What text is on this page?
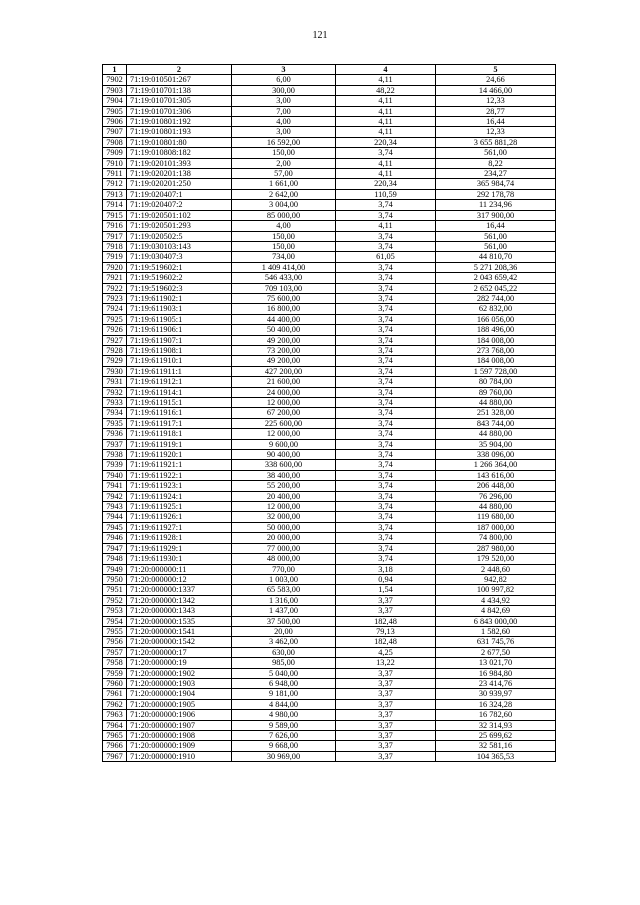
121
1	2	3	4	5
7902	71:19:010501:267	6,00	4,11	24,66
7903	71:19:010701:138	300,00	48,22	14 466,00
7904	71:19:010701:305	3,00	4,11	12,33
7905	71:19:010701:306	7,00	4,11	28,77
7906	71:19:010801:192	4,00	4,11	16,44
7907	71:19:010801:193	3,00	4,11	12,33
7908	71:19:010801:80	16 592,00	220,34	3 655 881,28
7909	71:19:010808:182	150,00	3,74	561,00
7910	71:19:020101:393	2,00	4,11	8,22
7911	71:19:020201:138	57,00	4,11	234,27
7912	71:19:020201:250	1 661,00	220,34	365 984,74
7913	71:19:020407:1	2 642,00	110,59	292 178,78
7914	71:19:020407:2	3 004,00	3,74	11 234,96
7915	71:19:020501:102	85 000,00	3,74	317 900,00
7916	71:19:020501:293	4,00	4,11	16,44
7917	71:19:020502:5	150,00	3,74	561,00
7918	71:19:030103:143	150,00	3,74	561,00
7919	71:19:030407:3	734,00	61,05	44 810,70
7920	71:19:519602:1	1 409 414,00	3,74	5 271 208,36
7921	71:19:519602:2	546 433,00	3,74	2 043 659,42
7922	71:19:519602:3	709 103,00	3,74	2 652 045,22
7923	71:19:611902:1	75 600,00	3,74	282 744,00
7924	71:19:611903:1	16 800,00	3,74	62 832,00
7925	71:19:611905:1	44 400,00	3,74	166 056,00
7926	71:19:611906:1	50 400,00	3,74	188 496,00
7927	71:19:611907:1	49 200,00	3,74	184 008,00
7928	71:19:611908:1	73 200,00	3,74	273 768,00
7929	71:19:611910:1	49 200,00	3,74	184 008,00
7930	71:19:611911:1	427 200,00	3,74	1 597 728,00
7931	71:19:611912:1	21 600,00	3,74	80 784,00
7932	71:19:611914:1	24 000,00	3,74	89 760,00
7933	71:19:611915:1	12 000,00	3,74	44 880,00
7934	71:19:611916:1	67 200,00	3,74	251 328,00
7935	71:19:611917:1	225 600,00	3,74	843 744,00
7936	71:19:611918:1	12 000,00	3,74	44 880,00
7937	71:19:611919:1	9 600,00	3,74	35 904,00
7938	71:19:611920:1	90 400,00	3,74	338 096,00
7939	71:19:611921:1	338 600,00	3,74	1 266 364,00
7940	71:19:611922:1	38 400,00	3,74	143 616,00
7941	71:19:611923:1	55 200,00	3,74	206 448,00
7942	71:19:611924:1	20 400,00	3,74	76 296,00
7943	71:19:611925:1	12 000,00	3,74	44 880,00
7944	71:19:611926:1	32 000,00	3,74	119 680,00
7945	71:19:611927:1	50 000,00	3,74	187 000,00
7946	71:19:611928:1	20 000,00	3,74	74 800,00
7947	71:19:611929:1	77 000,00	3,74	287 980,00
7948	71:19:611930:1	48 000,00	3,74	179 520,00
7949	71:20:000000:11	770,00	3,18	2 448,60
7950	71:20:000000:12	1 003,00	0,94	942,82
7951	71:20:000000:1337	65 583,00	1,54	100 997,82
7952	71:20:000000:1342	1 316,00	3,37	4 434,92
7953	71:20:000000:1343	1 437,00	3,37	4 842,69
7954	71:20:000000:1535	37 500,00	182,48	6 843 000,00
7955	71:20:000000:1541	20,00	79,13	1 582,60
7956	71:20:000000:1542	3 462,00	182,48	631 745,76
7957	71:20:000000:17	630,00	4,25	2 677,50
7958	71:20:000000:19	985,00	13,22	13 021,70
7959	71:20:000000:1902	5 040,00	3,37	16 984,80
7960	71:20:000000:1903	6 948,00	3,37	23 414,76
7961	71:20:000000:1904	9 181,00	3,37	30 939,97
7962	71:20:000000:1905	4 844,00	3,37	16 324,28
7963	71:20:000000:1906	4 980,00	3,37	16 782,60
7964	71:20:000000:1907	9 589,00	3,37	32 314,93
7965	71:20:000000:1908	7 626,00	3,37	25 699,62
7966	71:20:000000:1909	9 668,00	3,37	32 581,16
7967	71:20:000000:1910	30 969,00	3,37	104 365,53
